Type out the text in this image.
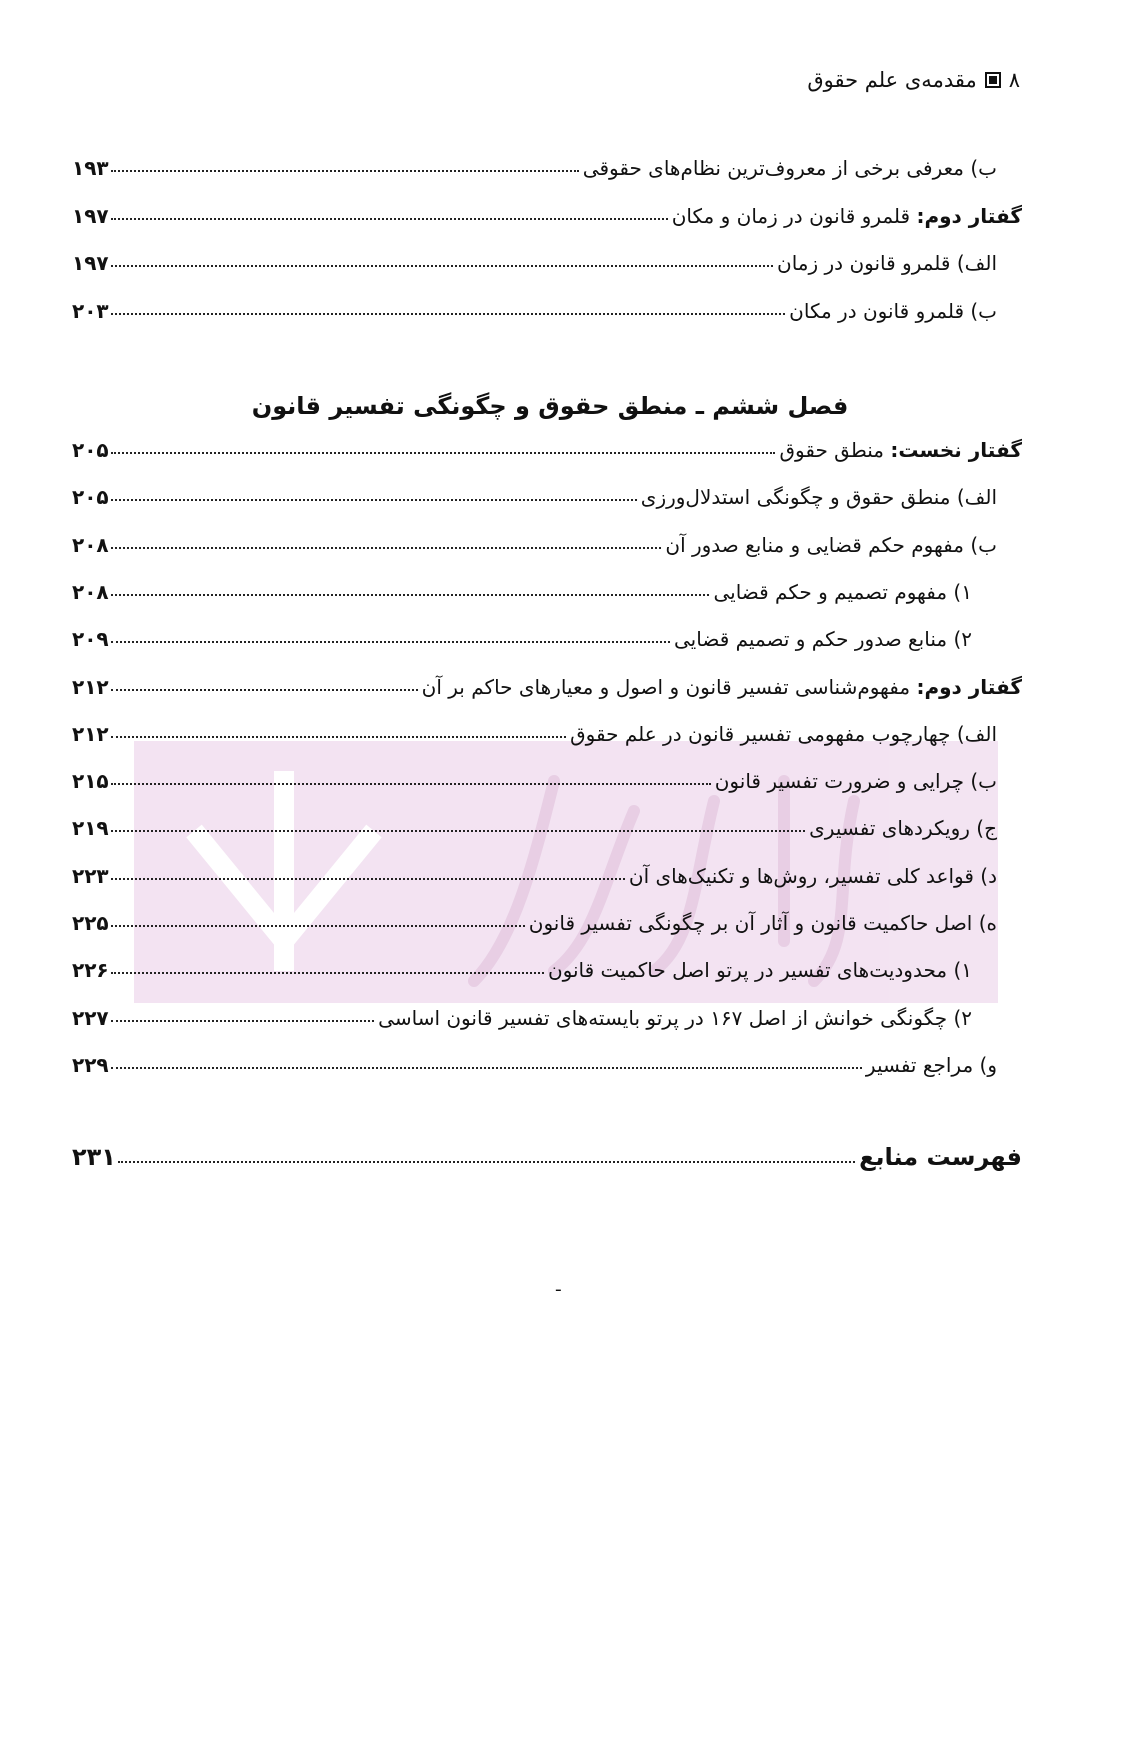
۸
مقدمه‌ی علم حقوق
ب) معرفی برخی از معروف‌ترین نظام‌های حقوقی
۱۹۳
گفتار دوم: قلمرو قانون در زمان و مکان
۱۹۷
الف) قلمرو قانون در زمان
۱۹۷
ب) قلمرو قانون در مکان
۲۰۳
فصل ششم ـ منطق حقوق و چگونگی تفسیر قانون
گفتار نخست: منطق حقوق
۲۰۵
الف) منطق حقوق و چگونگی استدلال‌ورزی
۲۰۵
ب) مفهوم حکم قضایی و منابع صدور آن
۲۰۸
۱) مفهوم تصمیم و حکم قضایی
۲۰۸
۲) منابع صدور حکم و تصمیم قضایی
۲۰۹
گفتار دوم: مفهوم‌شناسی تفسیر قانون و اصول و معیارهای حاکم بر آن
۲۱۲
الف) چهارچوب مفهومی تفسیر قانون در علم حقوق
۲۱۲
ب) چرایی و ضرورت تفسیر قانون
۲۱۵
ج) رویکردهای تفسیری
۲۱۹
د) قواعد کلی تفسیر، روش‌ها و تکنیک‌های آن
۲۲۳
ه) اصل حاکمیت قانون و آثار آن بر چگونگی تفسیر قانون
۲۲۵
۱) محدودیت‌های تفسیر در پرتو اصل حاکمیت قانون
۲۲۶
۲) چگونگی خوانش از اصل ۱۶۷ در پرتو بایسته‌های تفسیر قانون اساسی
۲۲۷
و) مراجع تفسیر
۲۲۹
فهرست منابع
۲۳۱
ـ
